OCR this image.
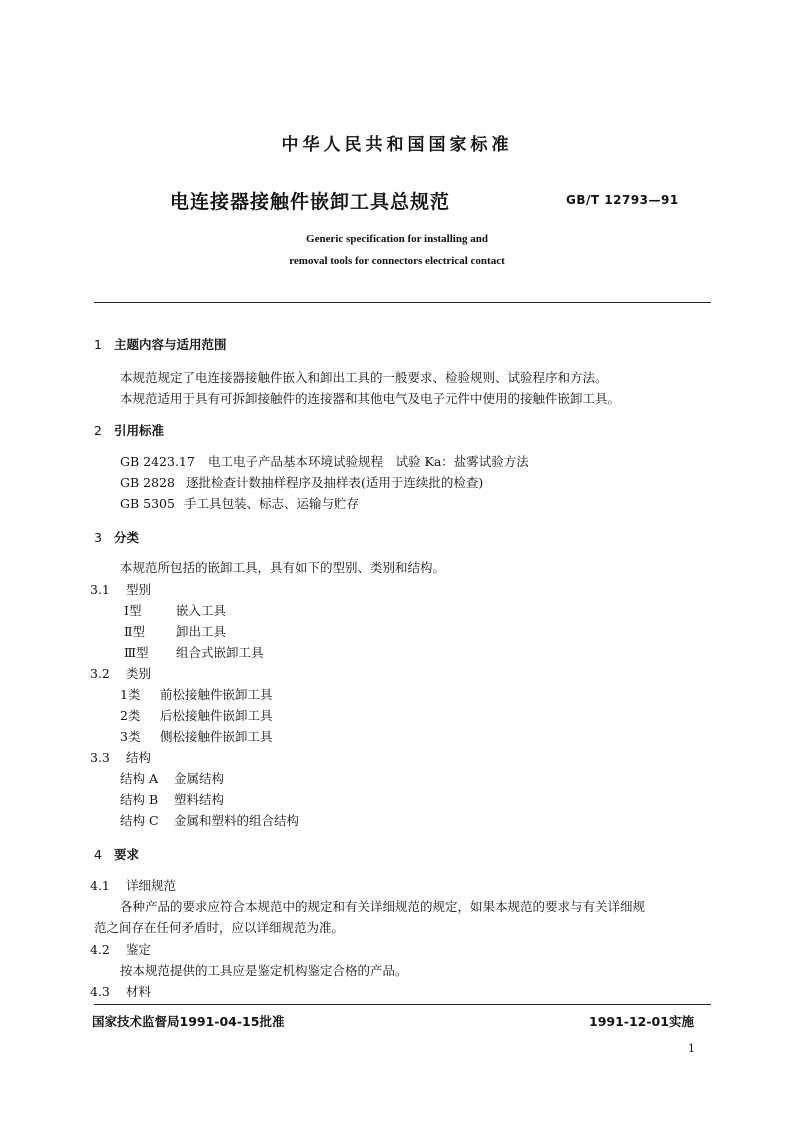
中华人民共和国国家标准
电连接器接触件嵌卸工具总规范	GB/T 12793—91
Generic specification for installing and
removal tools for connectors electrical contact
1 主题内容与适用范围
本规范规定了电连接器接触件嵌入和卸出工具的一般要求、检验规则、试验程序和方法。
本规范适用于具有可拆卸接触件的连接器和其他电气及电子元件中使用的接触件嵌卸工具。
2 引用标准
GB 2423.17 电工电子产品基本环境试验规程　试验 Ka：盐雾试验方法
GB 2828 逐批检查计数抽样程序及抽样表(适用于连续批的检查)
GB 5305 手工具包装、标志、运输与贮存
3 分类
本规范所包括的嵌卸工具，具有如下的型别、类别和结构。
3.1 型别
Ⅰ型	嵌入工具
Ⅱ型 卸出工具
Ⅲ型 组合式嵌卸工具
3.2 类别
1类 前松接触件嵌卸工具
2类 后松接触件嵌卸工具
3类 侧松接触件嵌卸工具
3.3 结构
结构 A 金属结构
结构 B 塑料结构
结构 C 金属和塑料的组合结构
4 要求
4.1 详细规范
各种产品的要求应符合本规范中的规定和有关详细规范的规定，如果本规范的要求与有关详细规
范之间存在任何矛盾时，应以详细规范为准。
4.2 鉴定
按本规范提供的工具应是鉴定机构鉴定合格的产品。
4.3 材料
国家技术监督局1991-04-15批准	1991-12-01实施
1
